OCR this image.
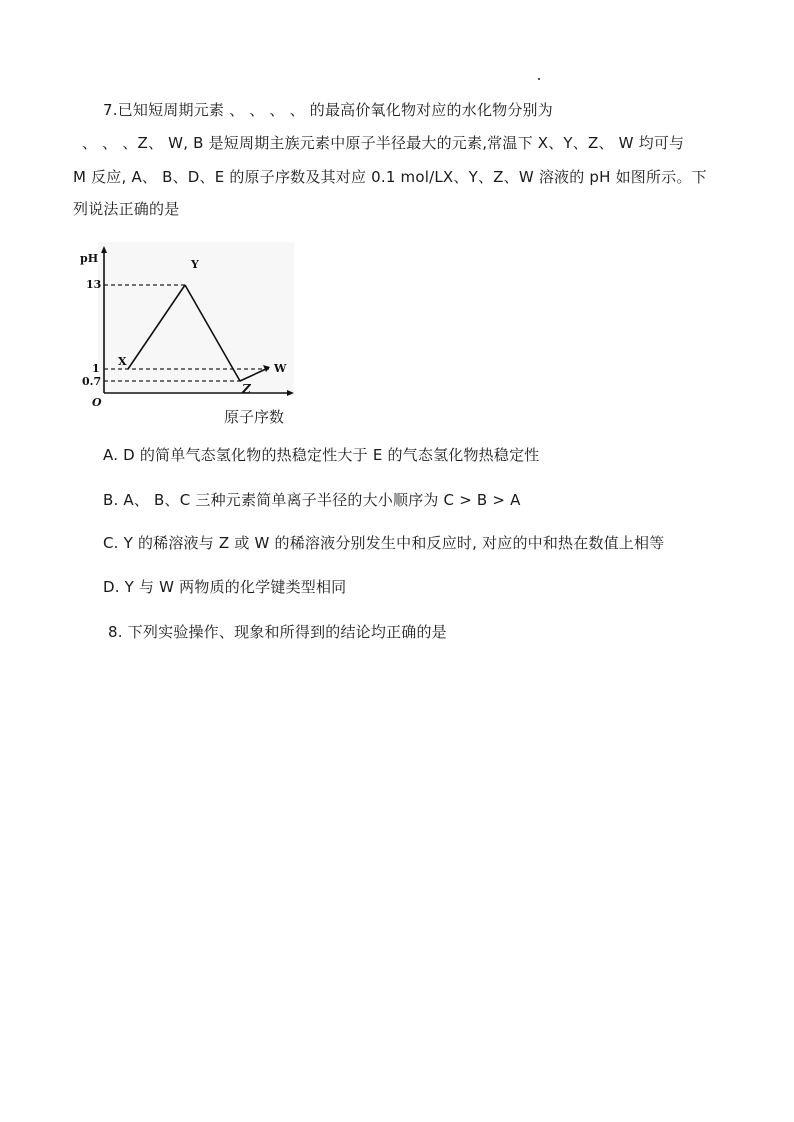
7.已知短周期元素 、 、 、 、 的最高价氧化物对应的水化物分别为
、 、 、Z、 W, B 是短周期主族元素中原子半径最大的元素,常温下 X、Y、Z、 W 均可与
M 反应, A、 B、D、E 的原子序数及其对应 0.1 mol/LX、Y、Z、W 溶液的 pH 如图所示。下
列说法正确的是
pH
O
原子序数
13
1
0.7
X
Y
Z
W
A. D 的简单气态氢化物的热稳定性大于 E 的气态氢化物热稳定性
B. A、 B、C 三种元素简单离子半径的大小顺序为 C > B > A
C. Y 的稀溶液与 Z 或 W 的稀溶液分别发生中和反应时, 对应的中和热在数值上相等
D. Y 与 W 两物质的化学键类型相同
8. 下列实验操作、现象和所得到的结论均正确的是
